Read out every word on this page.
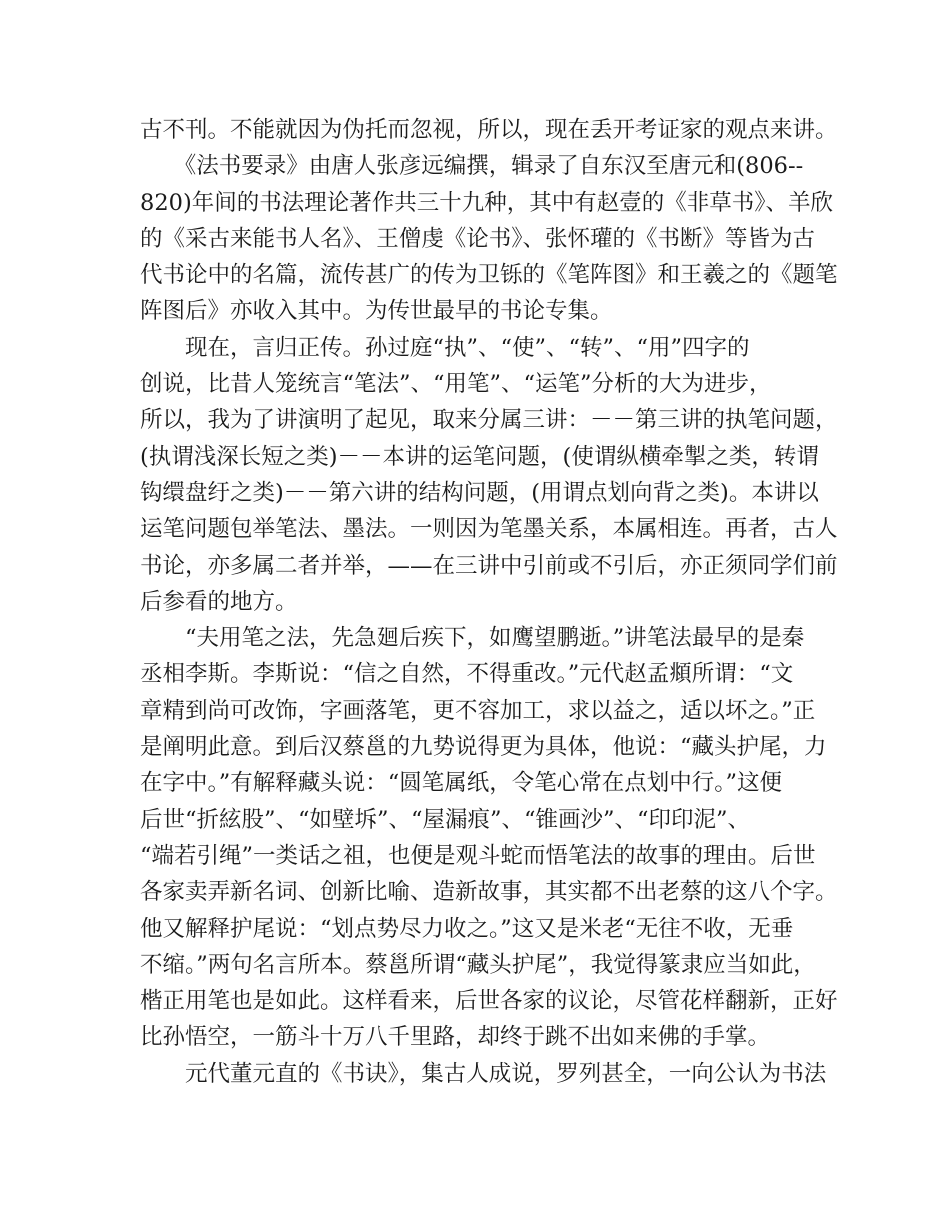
古不刊。不能就因为伪托而忽视，所以，现在丢开考证家的观点来讲。

　　《法书要录》由唐人张彦远编撰，辑录了自东汉至唐元和(806--
820)年间的书法理论著作共三十九种，其中有赵壹的《非草书》、羊欣
的《采古来能书人名》、王僧虔《论书》、张怀瓘的《书断》等皆为古
代书论中的名篇，流传甚广的传为卫铄的《笔阵图》和王羲之的《题笔
阵图后》亦收入其中。为传世最早的书论专集。

　　现在，言归正传。孙过庭“执”、“使”、“转”、“用”四字的
创说，比昔人笼统言“笔法”、“用笔”、“运笔”分析的大为进步，
所以，我为了讲演明了起见，取来分属三讲：－－第三讲的执笔问题，
(执谓浅深长短之类)－－本讲的运笔问题，(使谓纵横牵掣之类，转谓
钩缳盘纡之类)－－第六讲的结构问题，(用谓点划向背之类)。本讲以
运笔问题包举笔法、墨法。一则因为笔墨关系，本属相连。再者，古人
书论，亦多属二者并举，——在三讲中引前或不引后，亦正须同学们前
后参看的地方。

　　“夫用笔之法，先急廻后疾下，如鹰望鹏逝。”讲笔法最早的是秦
丞相李斯。李斯说：“信之自然，不得重改。”元代赵孟頫所谓：“文
章精到尚可改饰，字画落笔，更不容加工，求以益之，适以坏之。”正
是阐明此意。到后汉蔡邕的九势说得更为具体，他说：“藏头护尾，力
在字中。”有解释藏头说：“圆笔属纸，令笔心常在点划中行。”这便
后世“折絃股”、“如壁坼”、“屋漏痕”、“锥画沙”、“印印泥”、
“端若引绳”一类话之祖，也便是观斗蛇而悟笔法的故事的理由。后世
各家卖弄新名词、创新比喻、造新故事，其实都不出老蔡的这八个字。
他又解释护尾说：“划点势尽力收之。”这又是米老“无往不收，无垂
不缩。”两句名言所本。蔡邕所谓“藏头护尾”，我觉得篆隶应当如此，
楷正用笔也是如此。这样看来，后世各家的议论，尽管花样翻新，正好
比孙悟空，一筋斗十万八千里路，却终于跳不出如来佛的手掌。

　　元代董元直的《书诀》，集古人成说，罗列甚全，一向公认为书法
